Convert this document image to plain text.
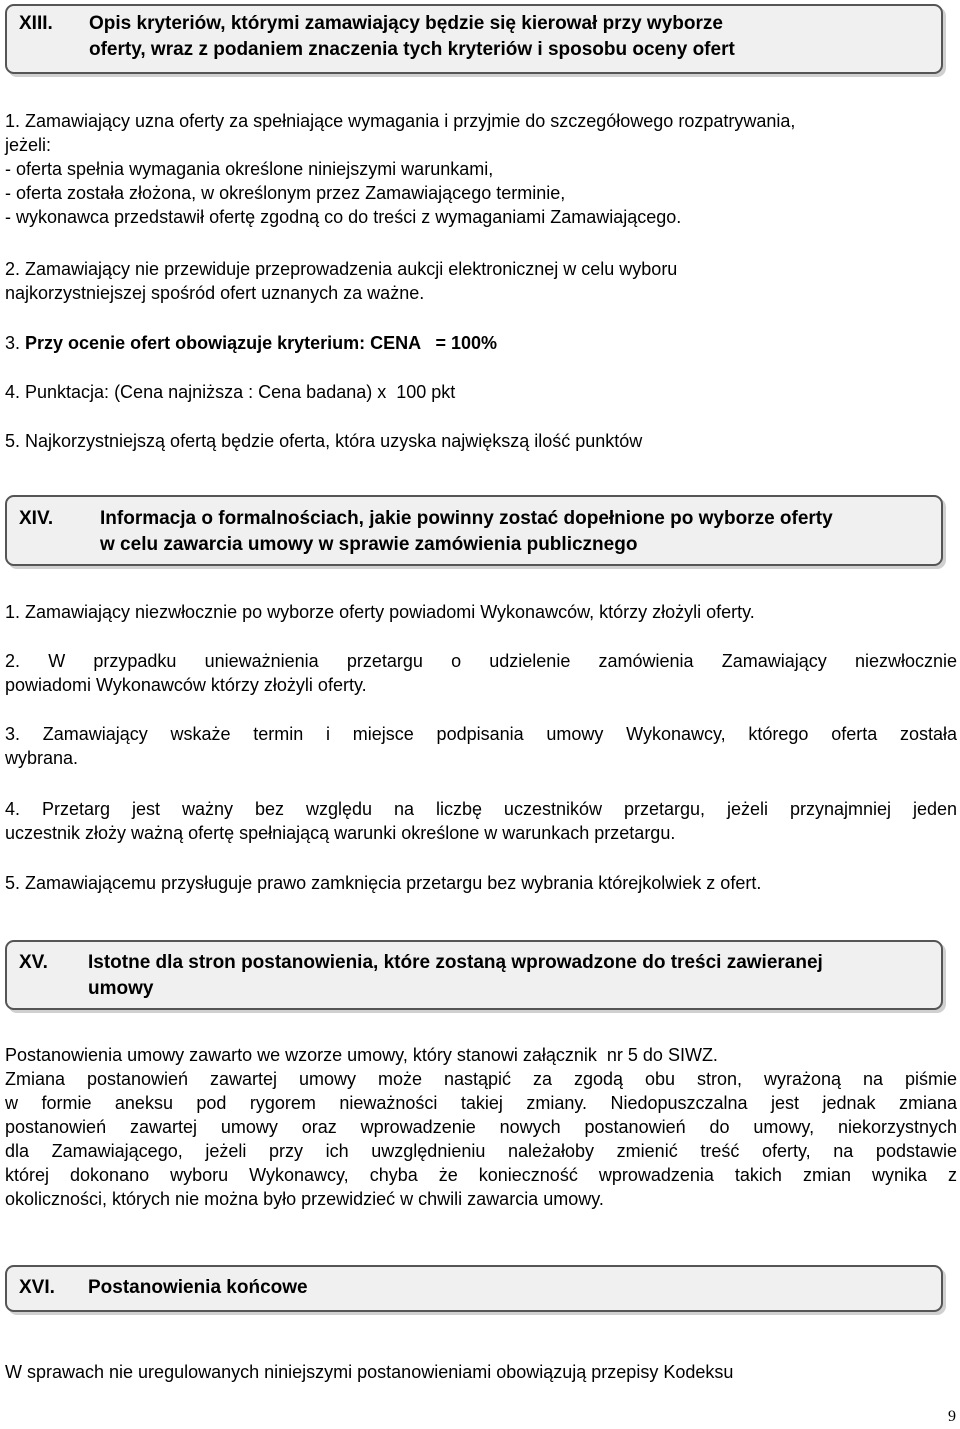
XIII. Opis kryteriów, którymi zamawiający będzie się kierował przy wyborze
oferty, wraz z podaniem znaczenia tych kryteriów i sposobu oceny ofert
1. Zamawiający uzna oferty za spełniające wymagania i przyjmie do szczegółowego rozpatrywania,
jeżeli:
- oferta spełnia wymagania określone niniejszymi warunkami,
- oferta została złożona, w określonym przez Zamawiającego terminie,
- wykonawca przedstawił ofertę zgodną co do treści z wymaganiami Zamawiającego.
2. Zamawiający nie przewiduje przeprowadzenia aukcji elektronicznej w celu wyboru
najkorzystniejszej spośród ofert uznanych za ważne.
3. Przy ocenie ofert obowiązuje kryterium: CENA   = 100%
4. Punktacja: (Cena najniższa : Cena badana) x  100 pkt
5. Najkorzystniejszą ofertą będzie oferta, która uzyska największą ilość punktów
XIV. Informacja o formalnościach, jakie powinny zostać dopełnione po wyborze oferty
w celu zawarcia umowy w sprawie zamówienia publicznego
1. Zamawiający niezwłocznie po wyborze oferty powiadomi Wykonawców, którzy złożyli oferty.
2. W przypadku unieważnienia przetargu o udzielenie zamówienia Zamawiający niezwłocznie
powiadomi Wykonawców którzy złożyli oferty.
3. Zamawiający wskaże termin i miejsce podpisania umowy Wykonawcy, którego oferta została
wybrana.
4. Przetarg jest ważny bez względu na liczbę uczestników przetargu, jeżeli przynajmniej jeden
uczestnik złoży ważną ofertę spełniającą warunki określone w warunkach przetargu.
5. Zamawiającemu przysługuje prawo zamknięcia przetargu bez wybrania którejkolwiek z ofert.
XV. Istotne dla stron postanowienia, które zostaną wprowadzone do treści zawieranej
umowy
Postanowienia umowy zawarto we wzorze umowy, który stanowi załącznik  nr 5 do SIWZ.
Zmiana postanowień zawartej umowy może nastąpić za zgodą obu stron, wyrażoną na piśmie
w formie aneksu pod rygorem nieważności takiej zmiany. Niedopuszczalna jest jednak zmiana
postanowień zawartej umowy oraz wprowadzenie nowych postanowień do umowy, niekorzystnych
dla Zamawiającego, jeżeli przy ich uwzględnieniu należałoby zmienić treść oferty, na podstawie
której dokonano wyboru Wykonawcy, chyba że konieczność wprowadzenia takich zmian wynika z
okoliczności, których nie można było przewidzieć w chwili zawarcia umowy.
XVI. Postanowienia końcowe
W sprawach nie uregulowanych niniejszymi postanowieniami obowiązują przepisy Kodeksu
9
